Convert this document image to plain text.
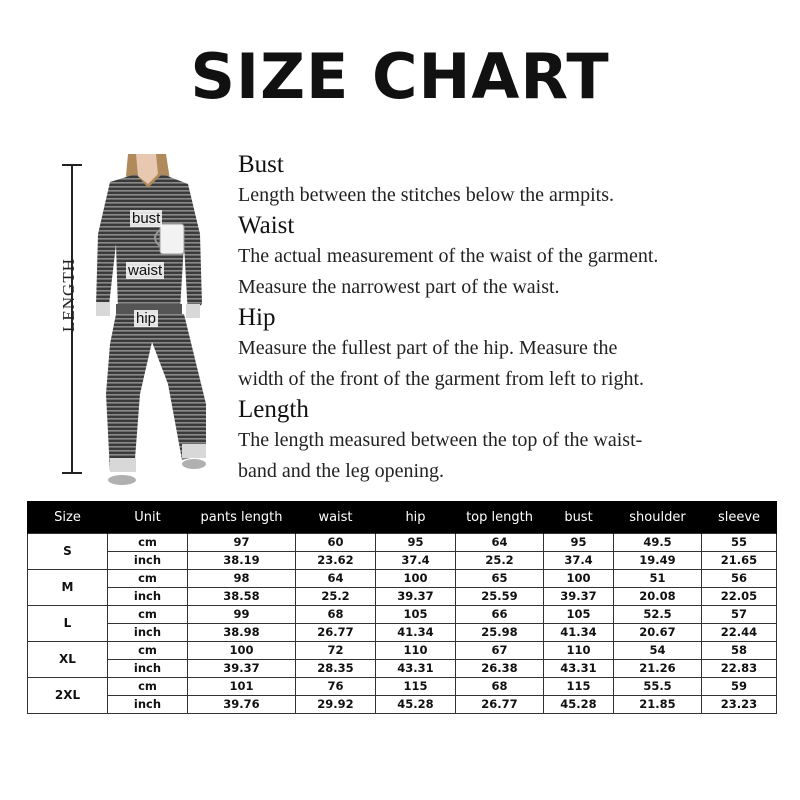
SIZE CHART
LENGTH
bust
waist
hip
Bust
Length between the stitches below the armpits.
Waist
The actual measurement of the waist of the garment.
Measure the narrowest part of the waist.
Hip
Measure the fullest part of the hip. Measure the
width of the front of the garment from left to right.
Length
The length measured between the top of the waist-
band and the leg opening.
Size	Unit	pants length	waist	hip	top length	bust	shoulder	sleeve
S	cm	97	60	95	64	95	49.5	55
	inch	38.19	23.62	37.4	25.2	37.4	19.49	21.65
M	cm	98	64	100	65	100	51	56
	inch	38.58	25.2	39.37	25.59	39.37	20.08	22.05
L	cm	99	68	105	66	105	52.5	57
	inch	38.98	26.77	41.34	25.98	41.34	20.67	22.44
XL	cm	100	72	110	67	110	54	58
	inch	39.37	28.35	43.31	26.38	43.31	21.26	22.83
2XL	cm	101	76	115	68	115	55.5	59
	inch	39.76	29.92	45.28	26.77	45.28	21.85	23.23
